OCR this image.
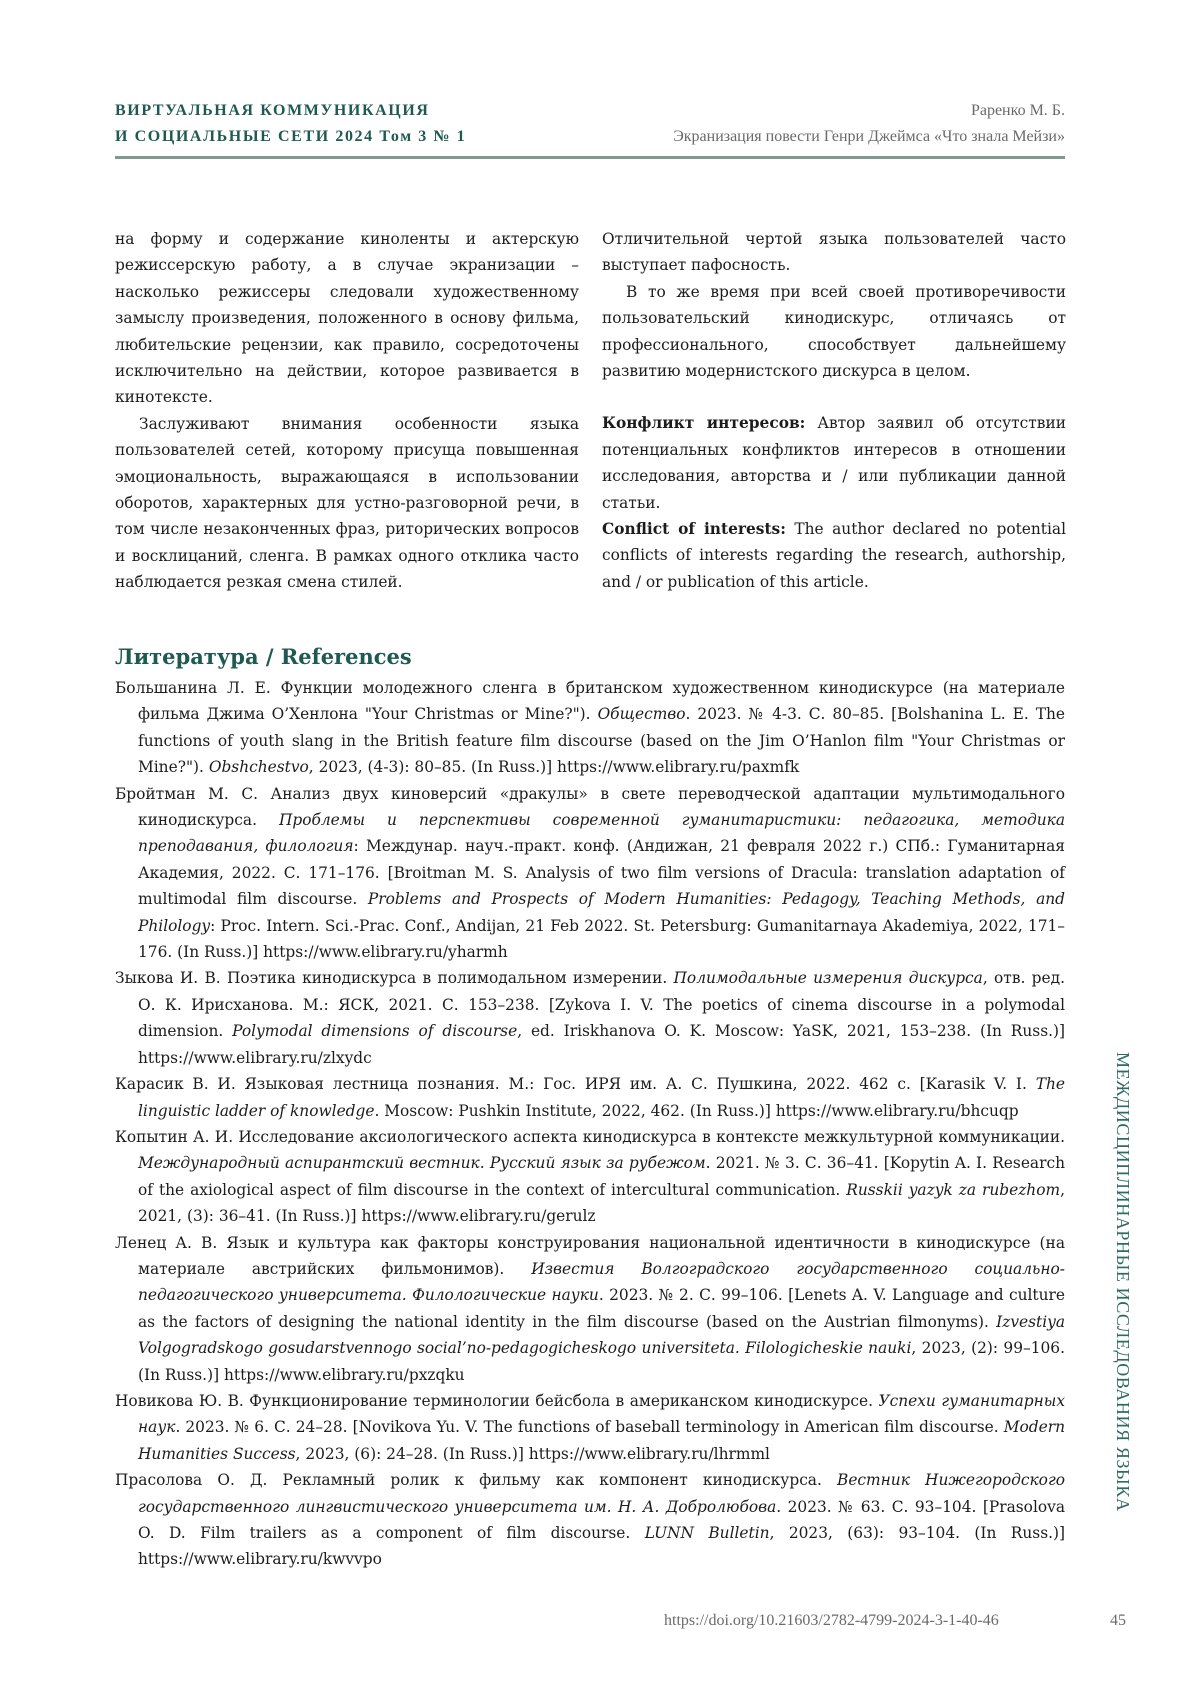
ВИРТУАЛЬНАЯ КОММУНИКАЦИЯ
И СОЦИАЛЬНЫЕ СЕТИ 2024 Том 3 № 1
Раренко М. Б.
Экранизация повести Генри Джеймса «Что знала Мейзи»

на форму и содержание киноленты и актерскую режиссерскую работу, а в случае экранизации – насколько режиссеры следовали художественному замыслу произведения, положенного в основу фильма, любительские рецензии, как правило, сосредоточены исключительно на действии, которое развивается в кинотексте.

Заслуживают внимания особенности языка пользователей сетей, которому присуща повышенная эмоциональность, выражающаяся в использовании оборотов, характерных для устно-разговорной речи, в том числе незаконченных фраз, риторических вопросов и восклицаний, сленга. В рамках одного отклика часто наблюдается резкая смена стилей.

Отличительной чертой языка пользователей часто выступает пафосность.

В то же время при всей своей противоречивости пользовательский кинодискурс, отличаясь от профессионального, способствует дальнейшему развитию модернистского дискурса в целом.

Конфликт интересов: Автор заявил об отсутствии потенциальных конфликтов интересов в отношении исследования, авторства и / или публикации данной статьи.

Conflict of interests: The author declared no potential conflicts of interests regarding the research, authorship, and / or publication of this article.

Литература / References

Большанина Л. Е. Функции молодежного сленга в британском художественном кинодискурсе (на материале фильма Джима О’Хенлона "Your Christmas or Mine?"). Общество. 2023. № 4-3. С. 80–85. [Bolshanina L. E. The functions of youth slang in the British feature film discourse (based on the Jim O’Hanlon film "Your Christmas or Mine?"). Obshchestvo, 2023, (4-3): 80–85. (In Russ.)] https://www.elibrary.ru/paxmfk

Бройтман М. С. Анализ двух киноверсий «дракулы» в свете переводческой адаптации мультимодального кинодискурса. Проблемы и перспективы современной гуманитаристики: педагогика, методика преподавания, филология: Междунар. науч.-практ. конф. (Андижан, 21 февраля 2022 г.) СПб.: Гуманитарная Академия, 2022. С. 171–176. [Broitman M. S. Analysis of two film versions of Dracula: translation adaptation of multimodal film discourse. Problems and Prospects of Modern Humanities: Pedagogy, Teaching Methods, and Philology: Proc. Intern. Sci.-Prac. Conf., Andijan, 21 Feb 2022. St. Petersburg: Gumanitarnaya Akademiya, 2022, 171–176. (In Russ.)] https://www.elibrary.ru/yharmh

Зыкова И. В. Поэтика кинодискурса в полимодальном измерении. Полимодальные измерения дискурса, отв. ред. О. К. Ирисханова. М.: ЯСК, 2021. С. 153–238. [Zykova I. V. The poetics of cinema discourse in a polymodal dimension. Polymodal dimensions of discourse, ed. Iriskhanova O. K. Moscow: YaSK, 2021, 153–238. (In Russ.)] https://www.elibrary.ru/zlxydc

Карасик В. И. Языковая лестница познания. М.: Гос. ИРЯ им. А. С. Пушкина, 2022. 462 с. [Karasik V. I. The linguistic ladder of knowledge. Moscow: Pushkin Institute, 2022, 462. (In Russ.)] https://www.elibrary.ru/bhcuqp

Копытин А. И. Исследование аксиологического аспекта кинодискурса в контексте межкультурной коммуникации. Международный аспирантский вестник. Русский язык за рубежом. 2021. № 3. С. 36–41. [Kopytin A. I. Research of the axiological aspect of film discourse in the context of intercultural communication. Russkii yazyk za rubezhom, 2021, (3): 36–41. (In Russ.)] https://www.elibrary.ru/gerulz

Ленец А. В. Язык и культура как факторы конструирования национальной идентичности в кинодискурсе (на материале австрийских фильмонимов). Известия Волгоградского государственного социально-педагогического университета. Филологические науки. 2023. № 2. С. 99–106. [Lenets A. V. Language and culture as the factors of designing the national identity in the film discourse (based on the Austrian filmonyms). Izvestiya Volgogradskogo gosudarstvennogo social’no-pedagogicheskogo universiteta. Filologicheskie nauki, 2023, (2): 99–106. (In Russ.)] https://www.elibrary.ru/pxzqku

Новикова Ю. В. Функционирование терминологии бейсбола в американском кинодискурсе. Успехи гуманитарных наук. 2023. № 6. С. 24–28. [Novikova Yu. V. The functions of baseball terminology in American film discourse. Modern Humanities Success, 2023, (6): 24–28. (In Russ.)] https://www.elibrary.ru/lhrmml

Прасолова О. Д. Рекламный ролик к фильму как компонент кинодискурса. Вестник Нижегородского государственного лингвистического университета им. Н. А. Добролюбова. 2023. № 63. С. 93–104. [Prasolova O. D. Film trailers as a component of film discourse. LUNN Bulletin, 2023, (63): 93–104. (In Russ.)] https://www.elibrary.ru/kwvvpo

МЕЖДИСЦИПЛИНАРНЫЕ ИССЛЕДОВАНИЯ ЯЗЫКА
https://doi.org/10.21603/2782-4799-2024-3-1-40-46	45
